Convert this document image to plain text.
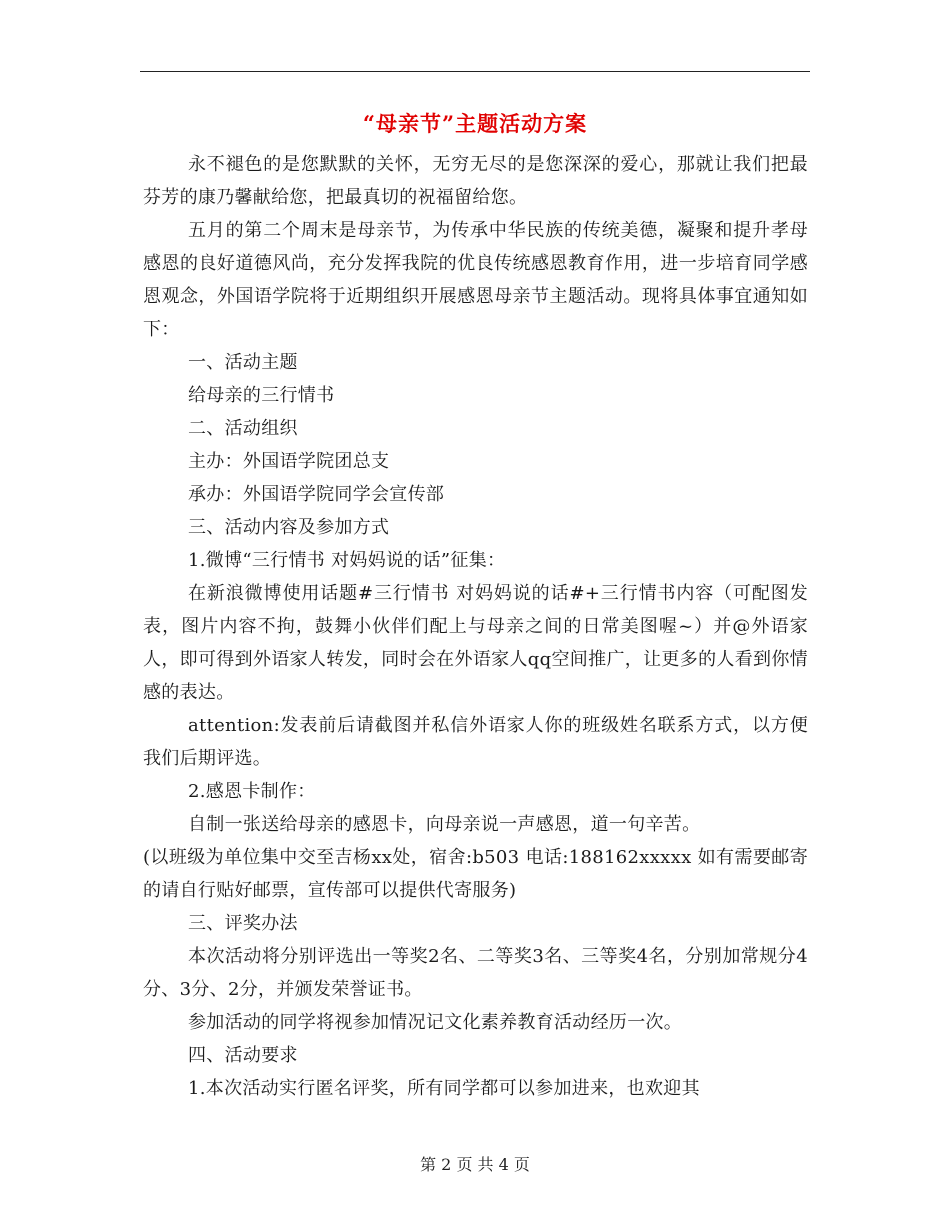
“母亲节”主题活动方案

永不褪色的是您默默的关怀，无穷无尽的是您深深的爱心，那就让我们把最芬芳的康乃馨献给您，把最真切的祝福留给您。

五月的第二个周末是母亲节，为传承中华民族的传统美德，凝聚和提升孝母感恩的良好道德风尚，充分发挥我院的优良传统感恩教育作用，进一步培育同学感恩观念，外国语学院将于近期组织开展感恩母亲节主题活动。现将具体事宜通知如下：

一、活动主题

给母亲的三行情书

二、活动组织

主办：外国语学院团总支

承办：外国语学院同学会宣传部

三、活动内容及参加方式

1.微博“三行情书 对妈妈说的话”征集：

在新浪微博使用话题#三行情书 对妈妈说的话#+三行情书内容（可配图发表，图片内容不拘，鼓舞小伙伴们配上与母亲之间的日常美图喔~）并@外语家人，即可得到外语家人转发，同时会在外语家人qq空间推广，让更多的人看到你情感的表达。

attention:发表前后请截图并私信外语家人你的班级姓名联系方式，以方便我们后期评选。

2.感恩卡制作：

自制一张送给母亲的感恩卡，向母亲说一声感恩，道一句辛苦。

(以班级为单位集中交至吉杨xx处，宿舍:b503 电话:188162xxxxx 如有需要邮寄的请自行贴好邮票，宣传部可以提供代寄服务)

三、评奖办法

本次活动将分别评选出一等奖2名、二等奖3名、三等奖4名，分别加常规分4分、3分、2分，并颁发荣誉证书。

参加活动的同学将视参加情况记文化素养教育活动经历一次。

四、活动要求

1.本次活动实行匿名评奖，所有同学都可以参加进来，也欢迎其

第 2 页 共 4 页
